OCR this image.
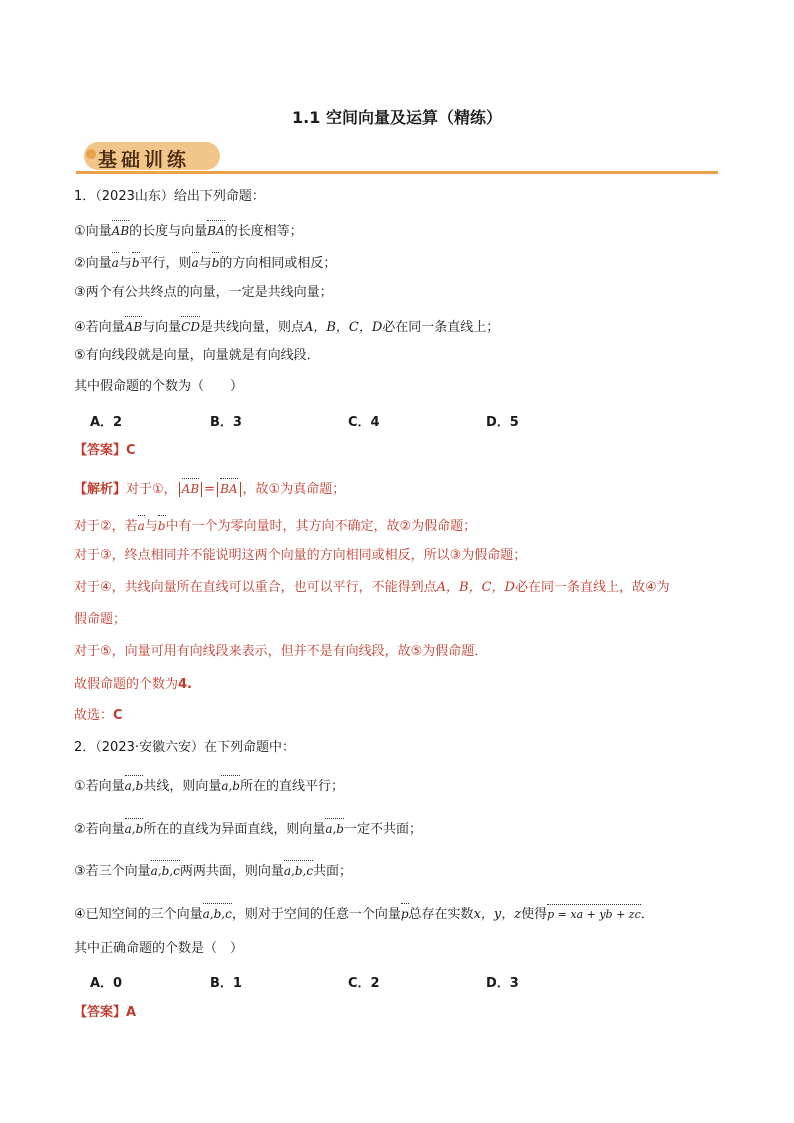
1.1 空间向量及运算（精练）
基础训练
1．（2023山东）给出下列命题：
①向量AB的长度与向量BA的长度相等；
②向量a与b平行，则a与b的方向相同或相反；
③两个有公共终点的向量，一定是共线向量；
④若向量AB与向量CD是共线向量，则点A，B，C，D必在同一条直线上；
⑤有向线段就是向量，向量就是有向线段．
其中假命题的个数为（　　）
A．2	B．3	C．4	D．5
【答案】C
【解析】对于①， AB = BA ，故①为真命题；
对于②，若a与b中有一个为零向量时，其方向不确定，故②为假命题；
对于③，终点相同并不能说明这两个向量的方向相同或相反，所以③为假命题；
对于④，共线向量所在直线可以重合，也可以平行，不能得到点A，B，C，D必在同一条直线上，故④为
假命题；
对于⑤，向量可用有向线段来表示，但并不是有向线段，故⑤为假命题．
故假命题的个数为4.
故选：C
2．（2023·安徽六安）在下列命题中：
①若向量a,b共线，则向量a,b所在的直线平行；
②若向量a,b所在的直线为异面直线，则向量a,b一定不共面；
③若三个向量a,b,c两两共面，则向量a,b,c共面；
④已知空间的三个向量a,b,c，则对于空间的任意一个向量p总存在实数x，y，z使得p = xa + yb + zc．
其中正确命题的个数是（　）
A．0	B．1	C．2	D．3
【答案】A
